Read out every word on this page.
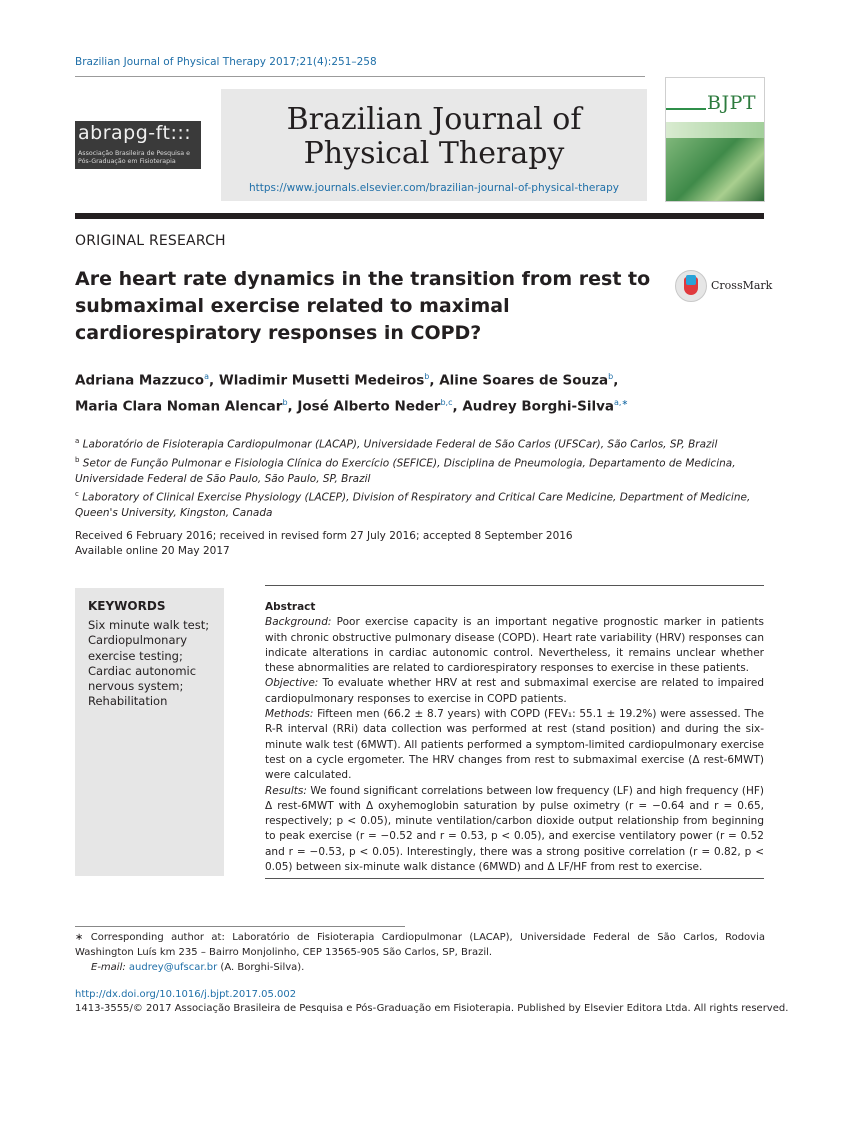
Brazilian Journal of Physical Therapy 2017;21(4):251–258
abrapg-ft:::
Associação Brasileira de Pesquisa e Pós-Graduação em Fisioterapia
Brazilian Journal of
Physical Therapy
https://www.journals.elsevier.com/brazilian-journal-of-physical-therapy
BJPT
ORIGINAL RESEARCH
Are heart rate dynamics in the transition from rest to submaximal exercise related to maximal cardiorespiratory responses in COPD?
CrossMark
Adriana Mazzuco$^a$, Wladimir Musetti Medeiros$^b$, Aline Soares de Souza$^b$,
Maria Clara Noman Alencar$^b$, José Alberto Neder$^{b,c}$, Audrey Borghi-Silva$^{a,∗}$
$^a$ Laboratório de Fisioterapia Cardiopulmonar (LACAP), Universidade Federal de São Carlos (UFSCar), São Carlos, SP, Brazil
$^b$ Setor de Função Pulmonar e Fisiologia Clínica do Exercício (SEFICE), Disciplina de Pneumologia, Departamento de Medicina, Universidade Federal de São Paulo, São Paulo, SP, Brazil
$^c$ Laboratory of Clinical Exercise Physiology (LACEP), Division of Respiratory and Critical Care Medicine, Department of Medicine, Queen's University, Kingston, Canada
Received 6 February 2016; received in revised form 27 July 2016; accepted 8 September 2016
Available online 20 May 2017
KEYWORDS
Six minute walk test;
Cardiopulmonary exercise testing;
Cardiac autonomic nervous system;
Rehabilitation
Abstract

Background: Poor exercise capacity is an important negative prognostic marker in patients with chronic obstructive pulmonary disease (COPD). Heart rate variability (HRV) responses can indicate alterations in cardiac autonomic control. Nevertheless, it remains unclear whether these abnormalities are related to cardiorespiratory responses to exercise in these patients.

Objective: To evaluate whether HRV at rest and submaximal exercise are related to impaired cardiopulmonary responses to exercise in COPD patients.

Methods: Fifteen men (66.2 ± 8.7 years) with COPD (FEV₁: 55.1 ± 19.2%) were assessed. The R-R interval (RRi) data collection was performed at rest (stand position) and during the six-minute walk test (6MWT). All patients performed a symptom-limited cardiopulmonary exercise test on a cycle ergometer. The HRV changes from rest to submaximal exercise (Δ rest-6MWT) were calculated.

Results: We found significant correlations between low frequency (LF) and high frequency (HF) Δ rest-6MWT with Δ oxyhemoglobin saturation by pulse oximetry (r = −0.64 and r = 0.65, respectively; p < 0.05), minute ventilation/carbon dioxide output relationship from beginning to peak exercise (r = −0.52 and r = 0.53, p < 0.05), and exercise ventilatory power (r = 0.52 and r = −0.53, p < 0.05). Interestingly, there was a strong positive correlation (r = 0.82, p < 0.05) between six-minute walk distance (6MWD) and Δ LF/HF from rest to exercise.

∗ Corresponding author at: Laboratório de Fisioterapia Cardiopulmonar (LACAP), Universidade Federal de São Carlos, Rodovia Washington Luís km 235 – Bairro Monjolinho, CEP 13565-905 São Carlos, SP, Brazil.
E-mail: audrey@ufscar.br (A. Borghi-Silva).
http://dx.doi.org/10.1016/j.bjpt.2017.05.002
1413-3555/© 2017 Associação Brasileira de Pesquisa e Pós-Graduação em Fisioterapia. Published by Elsevier Editora Ltda. All rights reserved.
